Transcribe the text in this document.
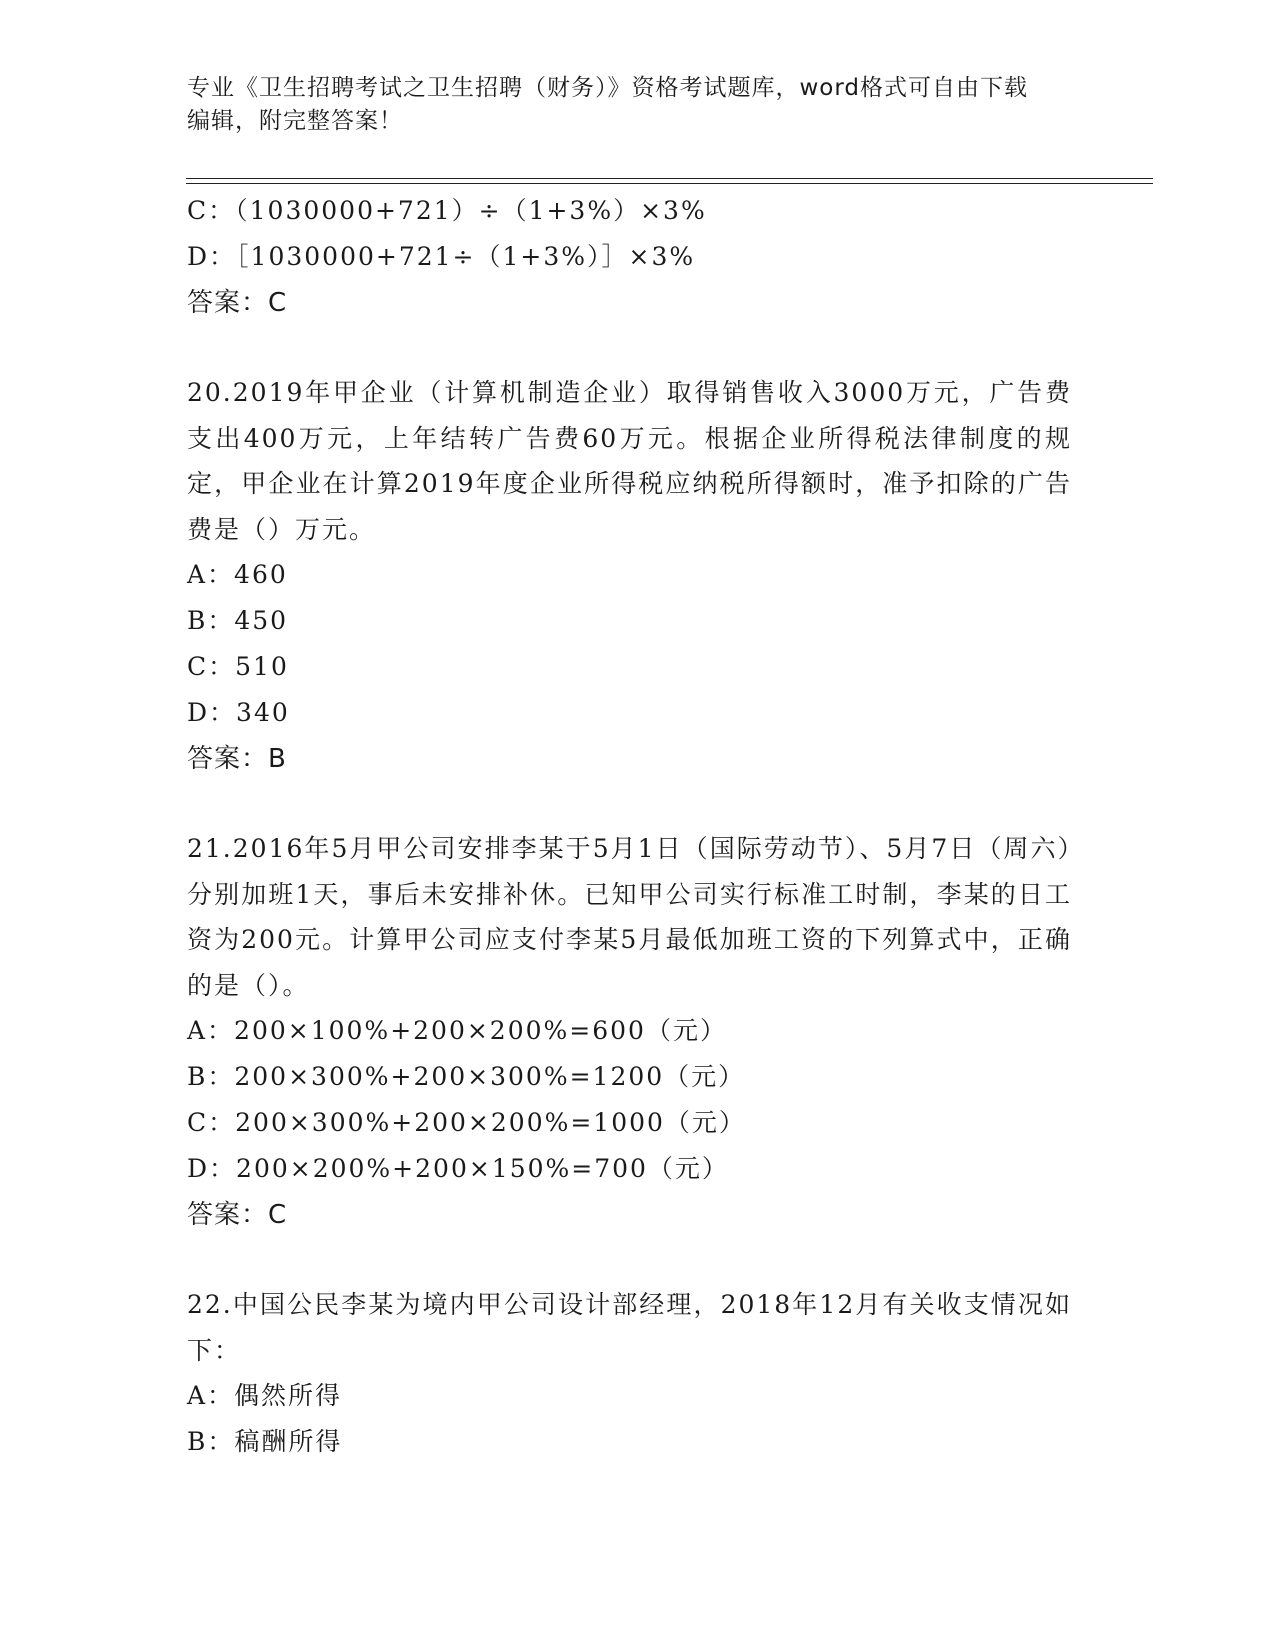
专业《卫生招聘考试之卫生招聘（财务）》资格考试题库，word格式可自由下载
编辑，附完整答案！
C：（1030000+721）÷（1+3%）×3%
D：［1030000+721÷（1+3%）］×3%
答案：C
20.2019年甲企业（计算机制造企业）取得销售收入3000万元，广告费支出400万元，上年结转广告费60万元。根据企业所得税法律制度的规定，甲企业在计算2019年度企业所得税应纳税所得额时，准予扣除的广告费是（）万元。
A：460
B：450
C：510
D：340
答案：B
21.2016年5月甲公司安排李某于5月1日（国际劳动节）、5月7日（周六）分别加班1天，事后未安排补休。已知甲公司实行标准工时制，李某的日工资为200元。计算甲公司应支付李某5月最低加班工资的下列算式中，正确的是（）。
A：200×100%+200×200%=600（元）
B：200×300%+200×300%=1200（元）
C：200×300%+200×200%=1000（元）
D：200×200%+200×150%=700（元）
答案：C
22.中国公民李某为境内甲公司设计部经理，2018年12月有关收支情况如下：
A：偶然所得
B：稿酬所得
